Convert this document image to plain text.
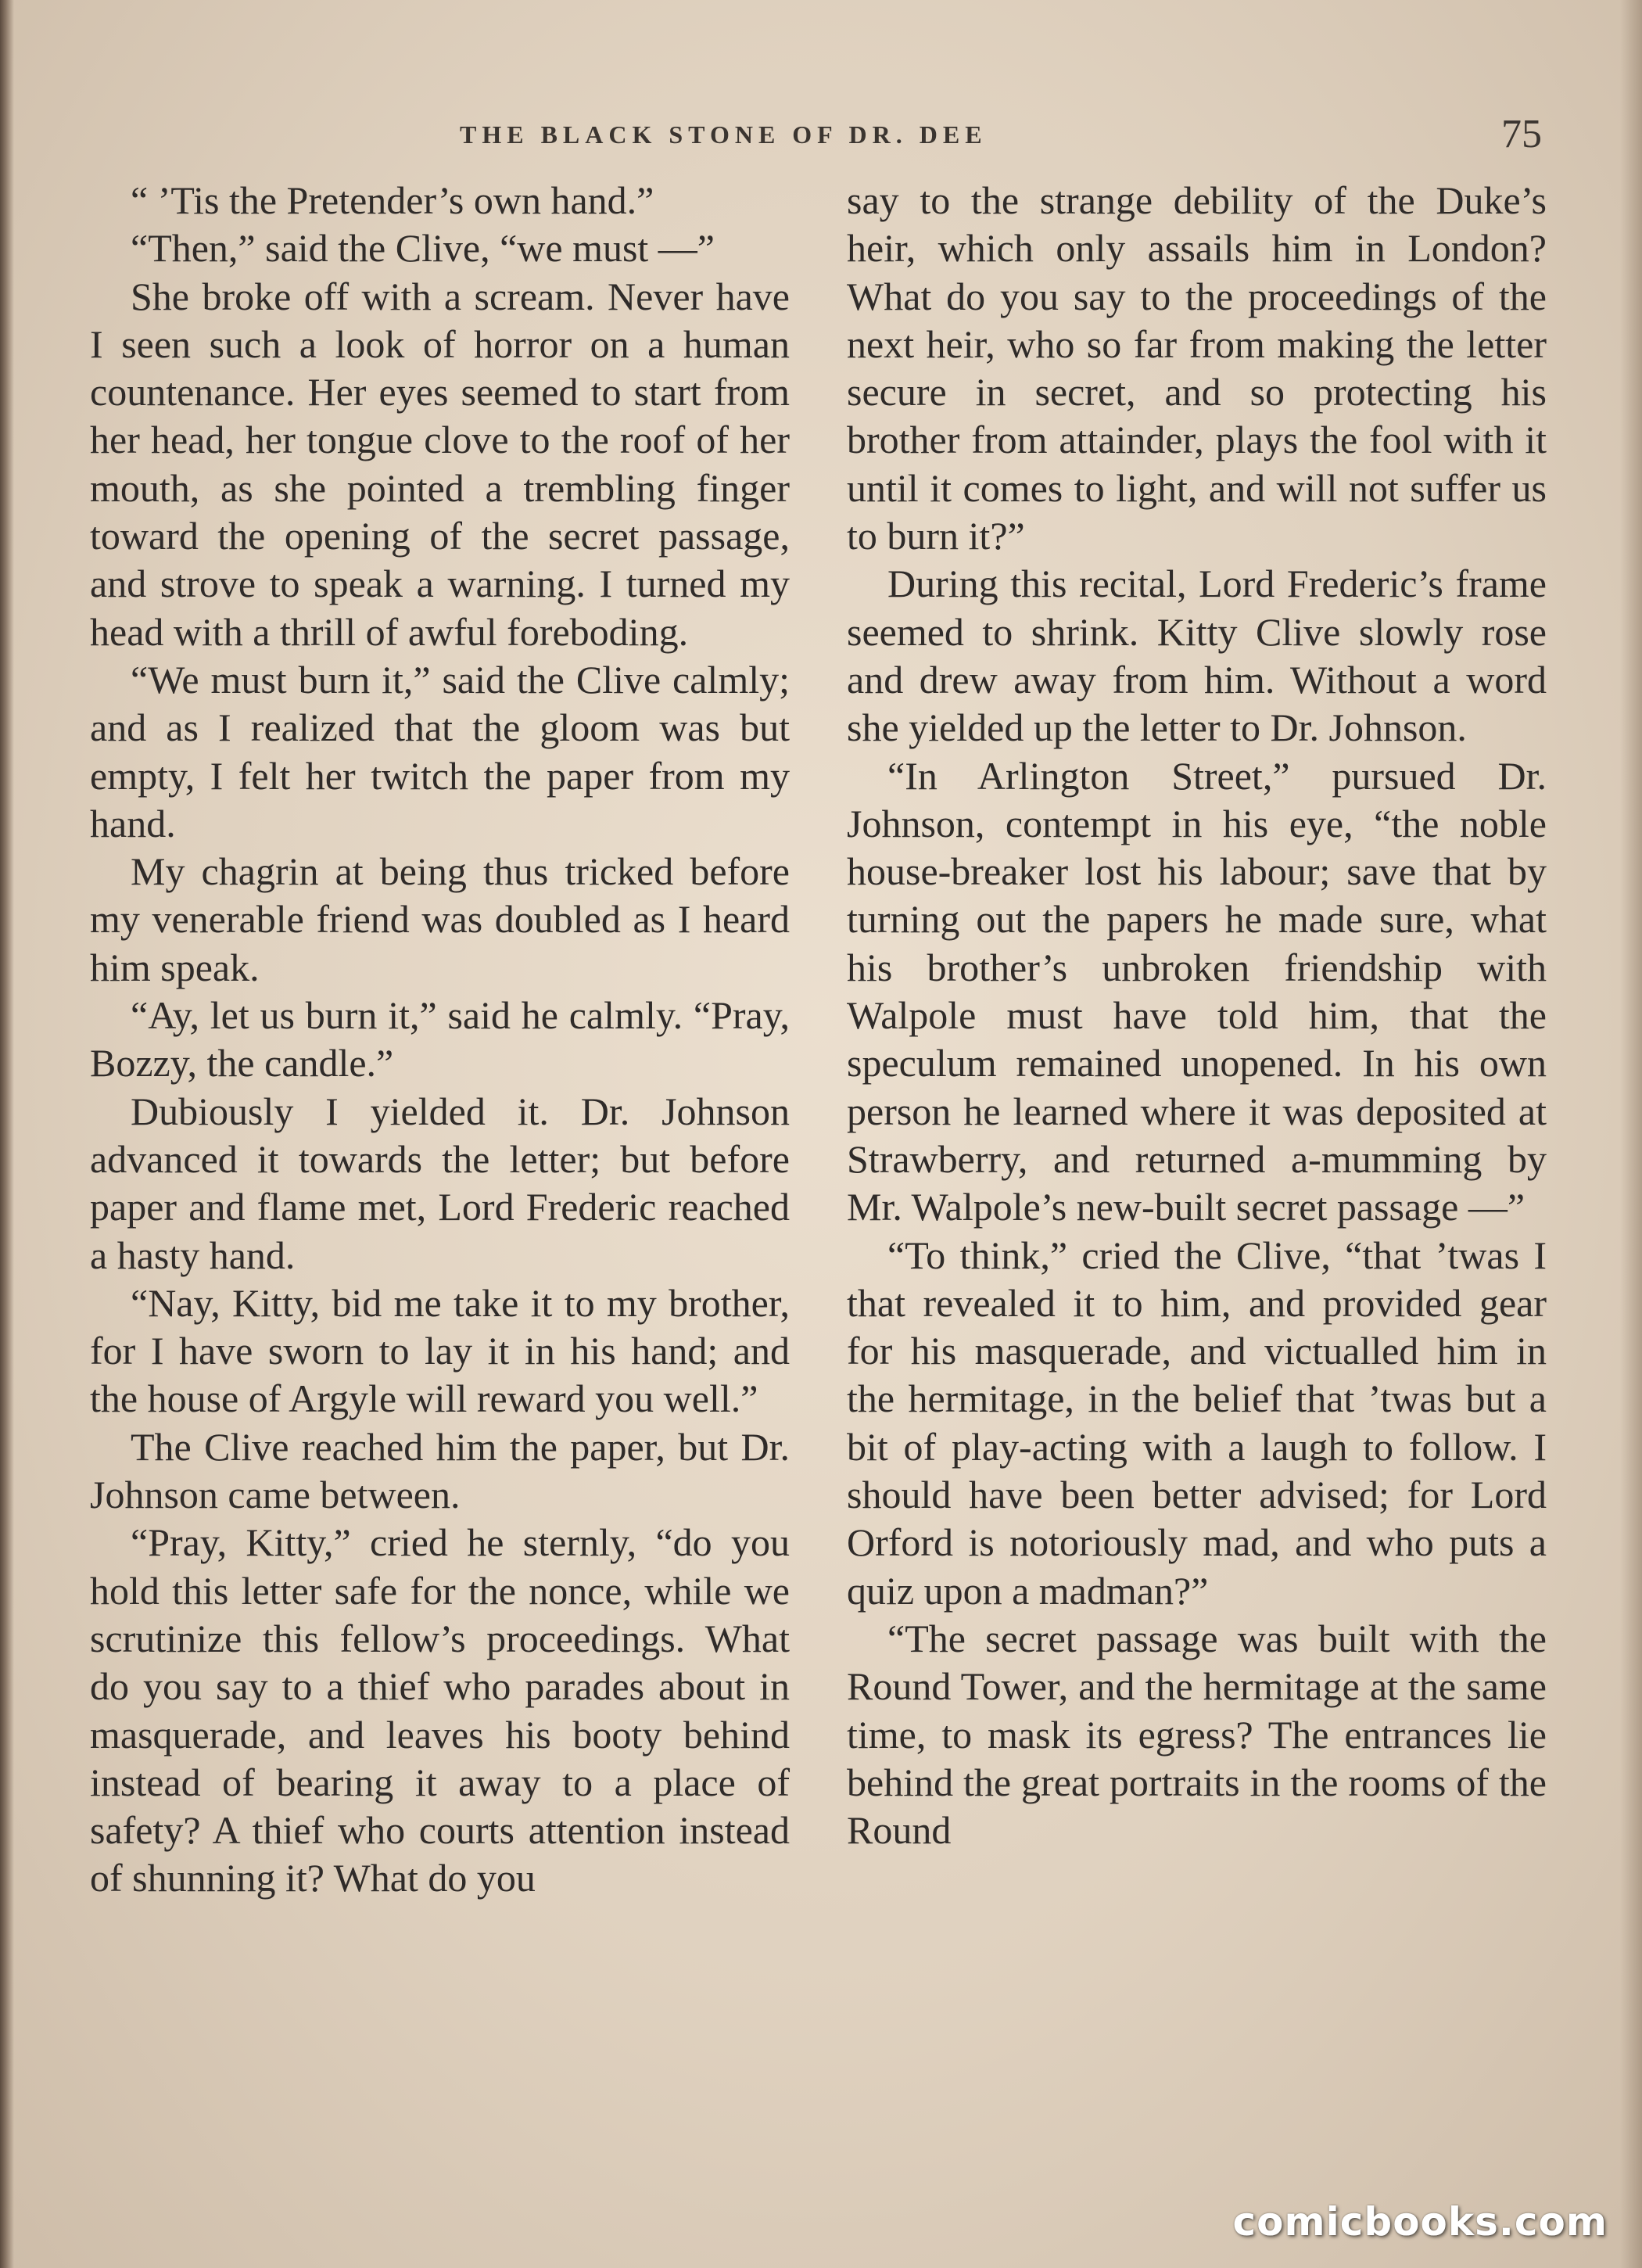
THE BLACK STONE OF DR. DEE	75

“ ’Tis the Pretender’s own hand.”

“Then,” said the Clive, “we must —”

She broke off with a scream. Never have I seen such a look of horror on a human countenance. Her eyes seemed to start from her head, her tongue clove to the roof of her mouth, as she pointed a trembling finger toward the opening of the secret passage, and strove to speak a warning. I turned my head with a thrill of awful foreboding.

“We must burn it,” said the Clive calmly; and as I realized that the gloom was but empty, I felt her twitch the paper from my hand.

My chagrin at being thus tricked before my venerable friend was doubled as I heard him speak.

“Ay, let us burn it,” said he calmly. “Pray, Bozzy, the candle.”

Dubiously I yielded it. Dr. Johnson advanced it towards the letter; but before paper and flame met, Lord Frederic reached a hasty hand.

“Nay, Kitty, bid me take it to my brother, for I have sworn to lay it in his hand; and the house of Argyle will reward you well.”

The Clive reached him the paper, but Dr. Johnson came between.

“Pray, Kitty,” cried he sternly, “do you hold this letter safe for the nonce, while we scrutinize this fellow’s proceedings. What do you say to a thief who parades about in masquerade, and leaves his booty behind instead of bearing it away to a place of safety? A thief who courts attention instead of shunning it? What do you

say to the strange debility of the Duke’s heir, which only assails him in London? What do you say to the proceedings of the next heir, who so far from making the letter secure in secret, and so protecting his brother from attainder, plays the fool with it until it comes to light, and will not suffer us to burn it?”

During this recital, Lord Frederic’s frame seemed to shrink. Kitty Clive slowly rose and drew away from him. Without a word she yielded up the letter to Dr. Johnson.

“In Arlington Street,” pursued Dr. Johnson, contempt in his eye, “the noble house-breaker lost his labour; save that by turning out the papers he made sure, what his brother’s unbroken friendship with Walpole must have told him, that the speculum remained unopened. In his own person he learned where it was deposited at Strawberry, and returned a-mumming by Mr. Walpole’s new-built secret passage —”

“To think,” cried the Clive, “that ’twas I that revealed it to him, and provided gear for his masquerade, and victualled him in the hermitage, in the belief that ’twas but a bit of play-acting with a laugh to follow. I should have been better advised; for Lord Orford is notoriously mad, and who puts a quiz upon a madman?”

“The secret passage was built with the Round Tower, and the hermitage at the same time, to mask its egress? The entrances lie behind the great portraits in the rooms of the Round

comicbooks.com
